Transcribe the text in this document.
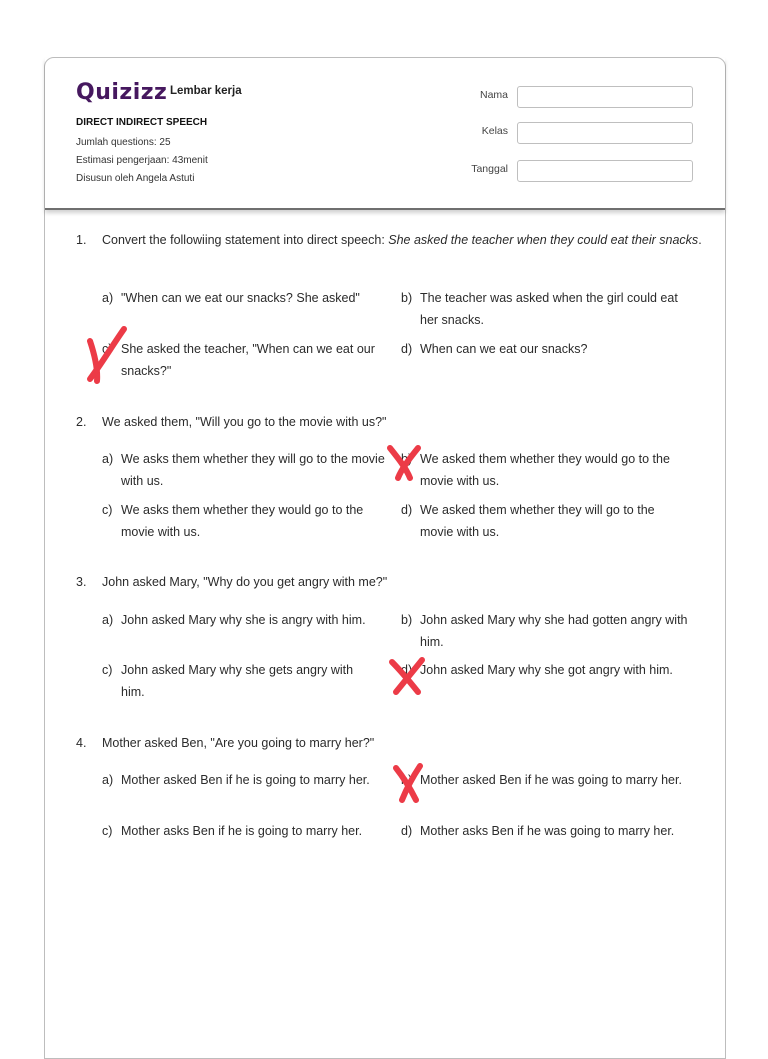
Quizizz Lembar kerja
DIRECT INDIRECT SPEECH
Jumlah questions: 25
Estimasi pengerjaan: 43menit
Disusun oleh Angela Astuti
Nama
Kelas
Tanggal
1. Convert the followiing statement into direct speech: She asked the teacher when they could eat their snacks.
a) "When can we eat our snacks? She asked"	b) The teacher was asked when the girl could eat her snacks.
c) She asked the teacher, "When can we eat our snacks?"
d) When can we eat our snacks?
2. We asked them, "Will you go to the movie with us?"
a) We asks them whether they will go to the movie with us.
b) We asked them whether they would go to the movie with us.
c) We asks them whether they would go to the movie with us.
d) We asked them whether they will go to the movie with us.
3. John asked Mary, "Why do you get angry with me?"
a) John asked Mary why she is angry with him.	b) John asked Mary why she had gotten angry with him.
c) John asked Mary why she gets angry with him.
d) John asked Mary why she got angry with him.
4. Mother asked Ben, "Are you going to marry her?"
a) Mother asked Ben if he is going to marry her.	b) Mother asked Ben if he was going to marry her.
c) Mother asks Ben if he is going to marry her.	d) Mother asks Ben if he was going to marry her.
